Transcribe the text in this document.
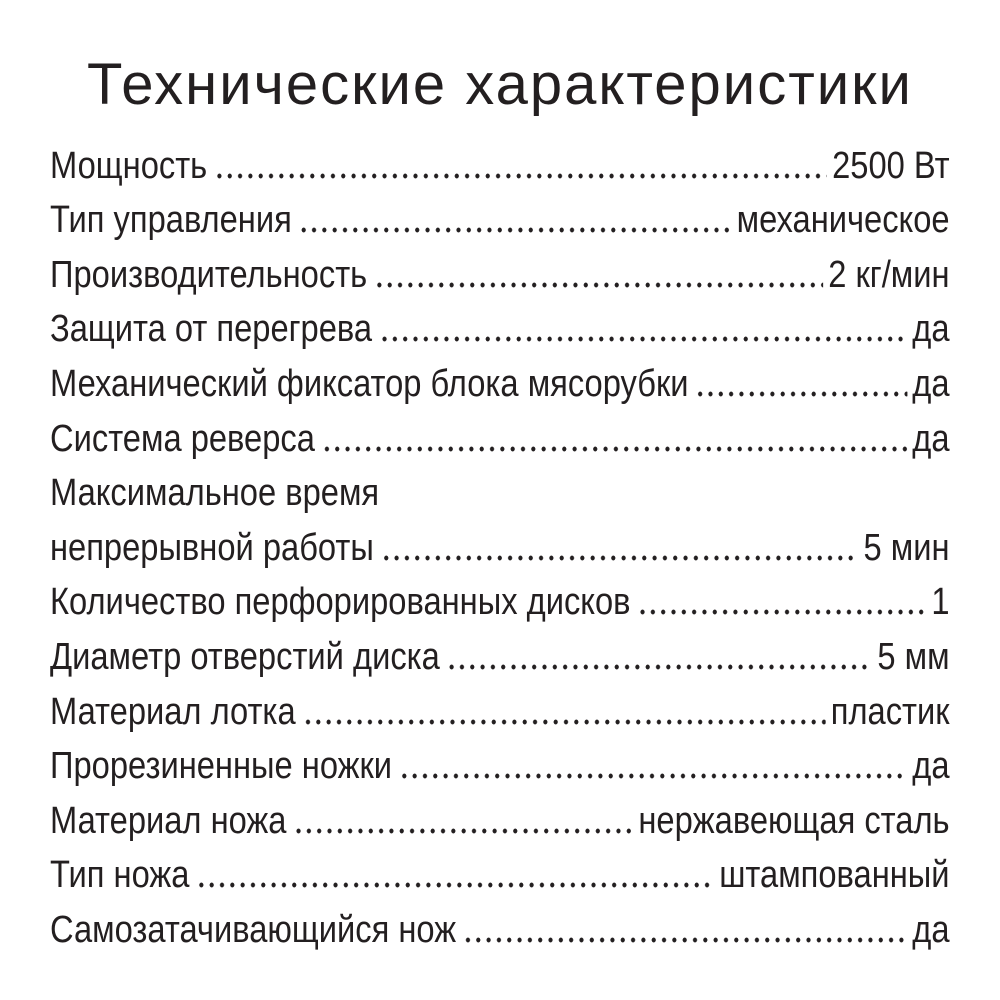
Технические характеристики
Мощность	2500 Вт
Тип управления	механическое
Производительность	2 кг/мин
Защита от перегрева	да
Механический фиксатор блока мясорубки	да
Система реверса	да
Максимальное время
непрерывной работы	5 мин
Количество перфорированных дисков	1
Диаметр отверстий диска	5 мм
Материал лотка	пластик
Прорезиненные ножки	да
Материал ножа	нержавеющая сталь
Тип ножа	штампованный
Самозатачивающийся нож	да
